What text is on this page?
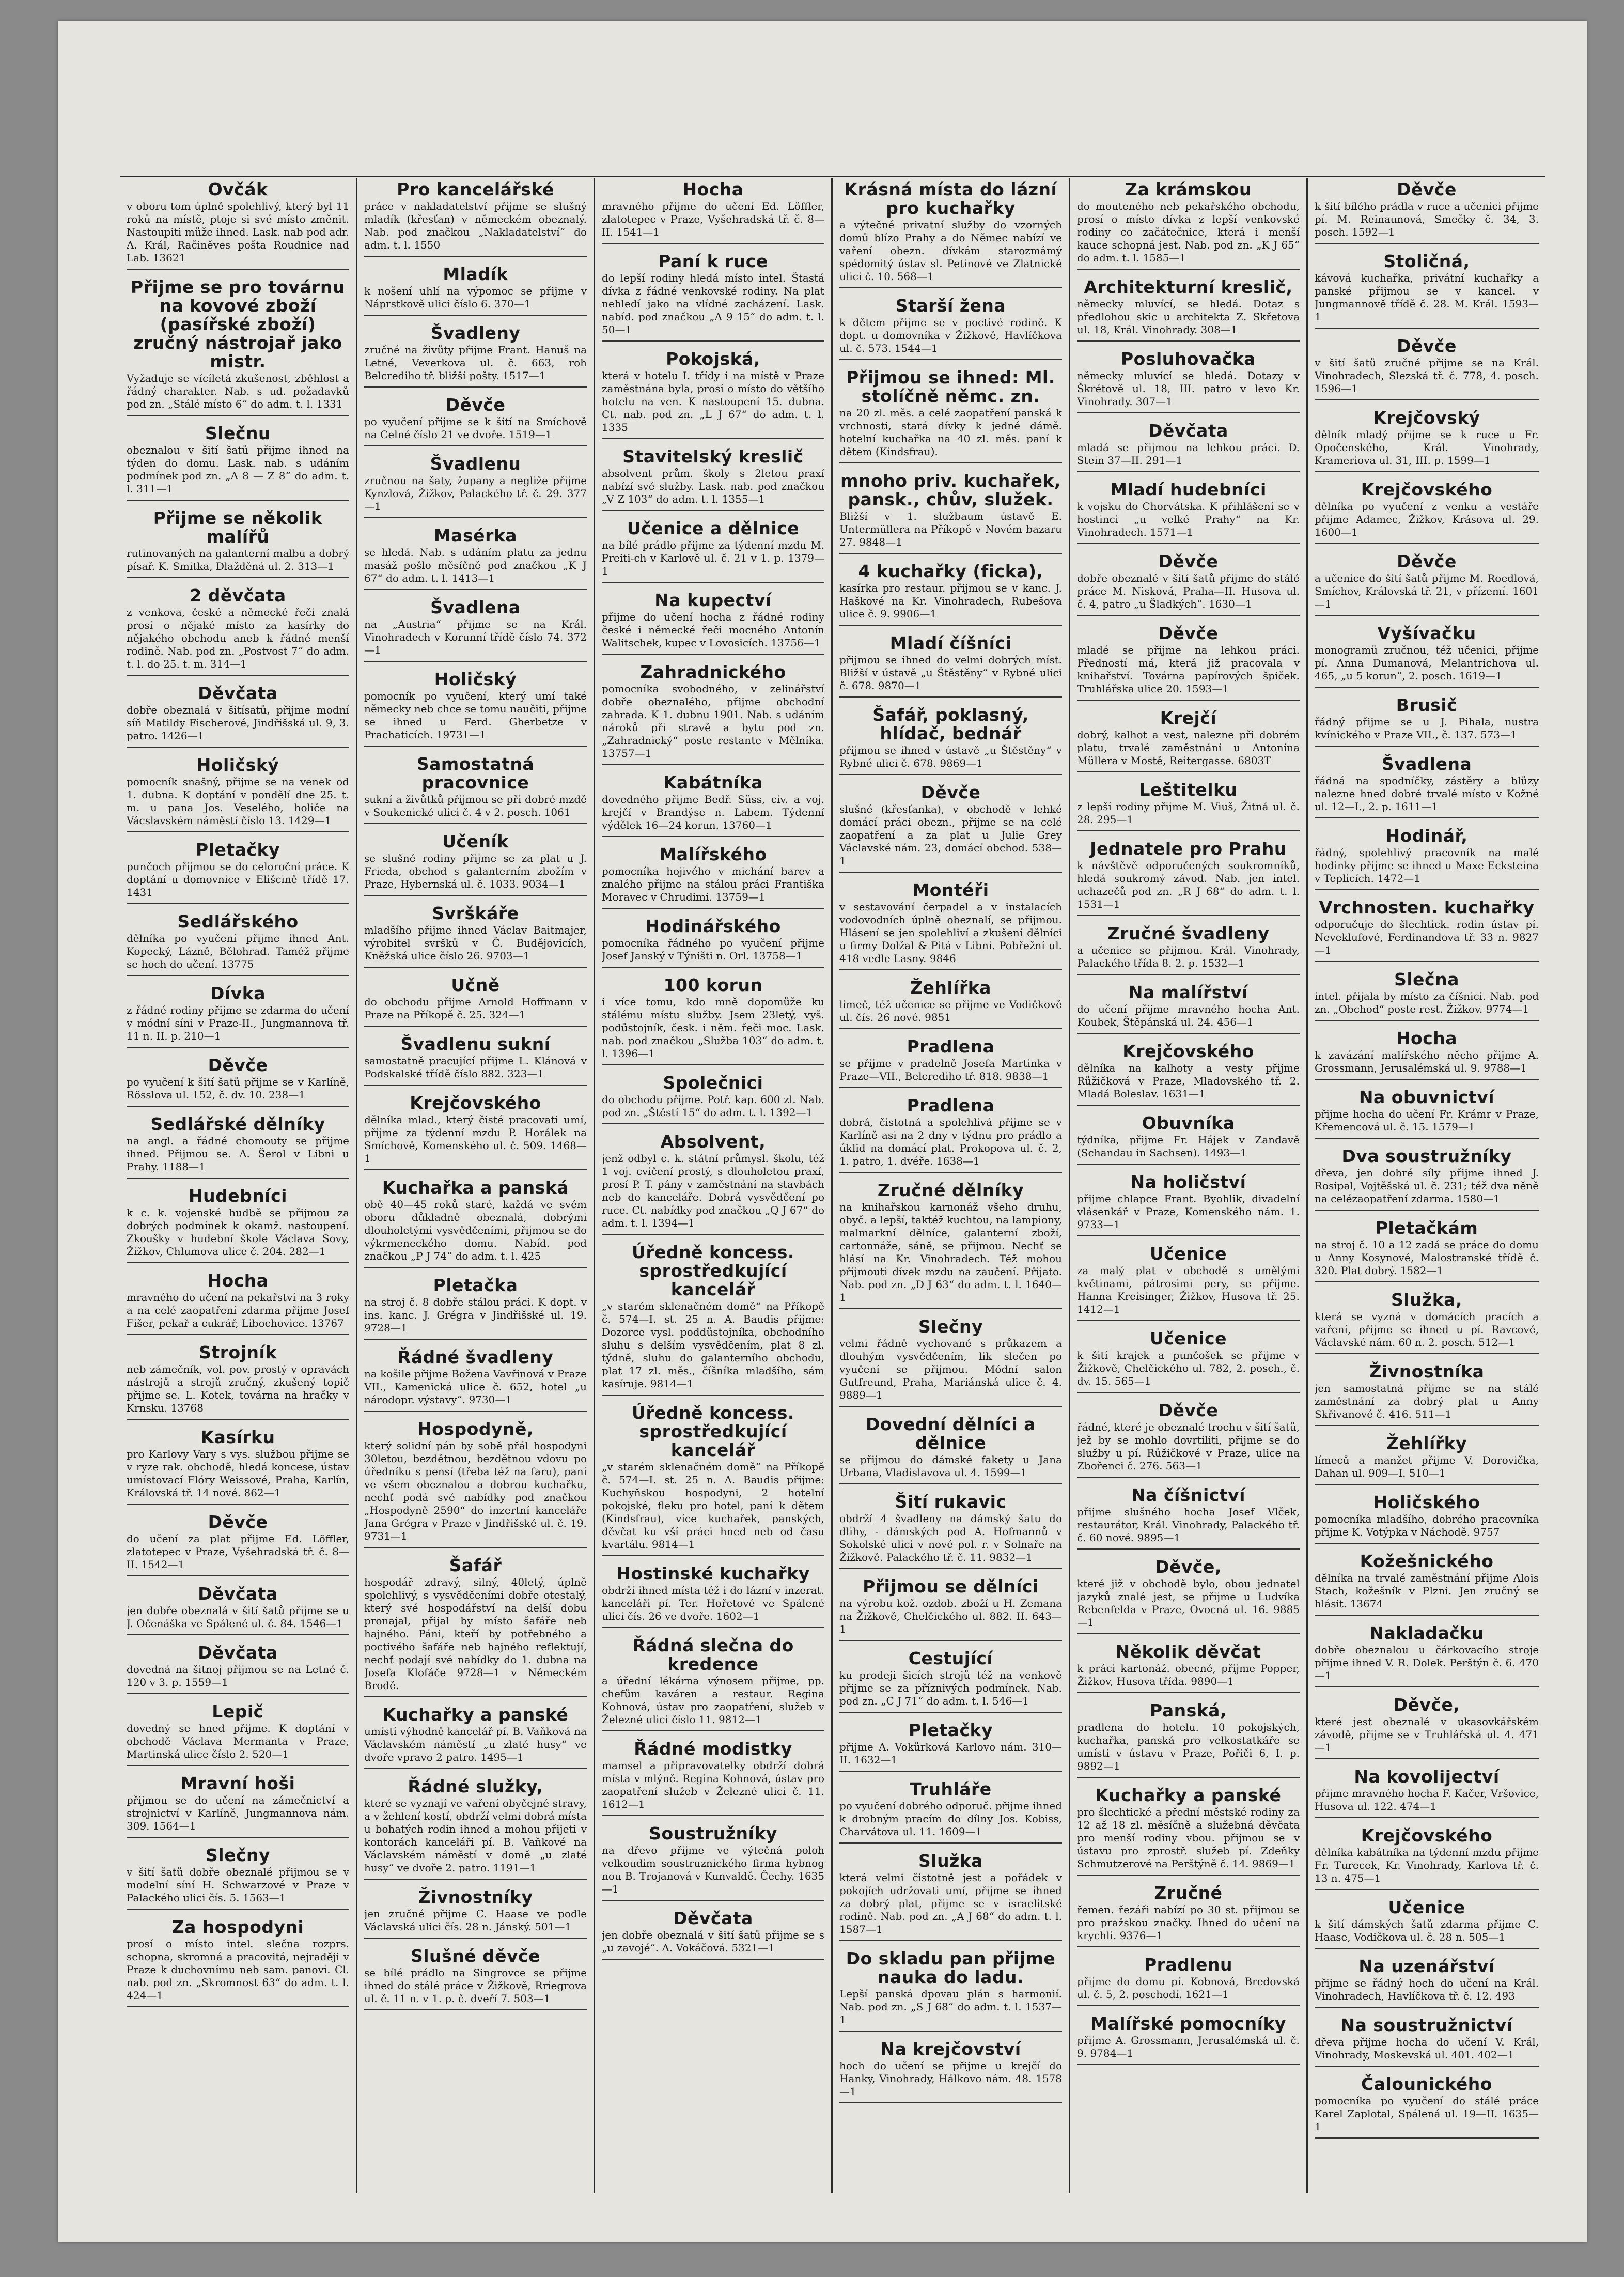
Ovčák
v oboru tom úplně spolehlivý, který byl 11 roků na místě, ptoje si své místo změnit. Nastoupiti může ihned. Lask. nab pod adr. A. Král, Račiněves pošta Roudnice nad Lab. 13621
Přijme se pro továrnu na kovové zboží (pasířské zboží) zručný nástrojař jako mistr.
Vyžaduje se vícíletá zkušenost, zběhlost a řádný charakter. Nab. s ud. požadavků pod zn. „Stálé místo 6“ do adm. t. l. 1331
Slečnu
obeznalou v šití šatů přijme ihned na týden do domu. Lask. nab. s udáním podmínek pod zn. „A 8 — Z 8“ do adm. t. l. 311—1
Přijme se několik malířů
rutinovaných na galanterní malbu a dobrý písař. K. Smitka, Dlažděná ul. 2. 313—1
2 děvčata
z venkova, české a německé řeči znalá prosí o nějaké místo za kasírky do nějakého obchodu aneb k řádné menší rodině. Nab. pod zn. „Postvost 7“ do adm. t. l. do 25. t. m. 314—1
Děvčata
dobře obeznalá v šitísatů, přijme modní síň Matildy Fischerové, Jindřišská ul. 9, 3. patro. 1426—1
Holičský
pomocník snašný, přijme se na venek od 1. dubna. K doptání v pondělí dne 25. t. m. u pana Jos. Veselého, holiče na Vácslavském náměstí číslo 13. 1429—1
Pletačky
punčoch přijmou se do celoroční práce. K doptání u domovnice v Elišcině třídě 17. 1431
Sedlářského
dělníka po vyučení přijme ihned Ant. Kopecký, Lázně, Bělohrad. Taméž přijme se hoch do učení. 13775
Dívka
z řádné rodiny přijme se zdarma do učení v módní síni v Praze-II., Jungmannova tř. 11 n. II. p. 210—1
Děvče
po vyučení k šití šatů přijme se v Karlíně, Rösslova ul. 152, č. dv. 10. 238—1
Sedlářské dělníky
na angl. a řádné chomouty se přijme ihned. Přijmou se. A. Šerol v Libni u Prahy. 1188—1
Hudebníci
k c. k. vojenské hudbě se přijmou za dobrých podmínek k okamž. nastoupení. Zkoušky v hudební škole Václava Sovy, Žižkov, Chlumova ulice č. 204. 282—1
Hocha
mravného do učení na pekařství na 3 roky a na celé zaopatření zdarma přijme Josef Fišer, pekař a cukrář, Libochovice. 13767
Strojník
neb zámečník, vol. pov. prostý v opravách nástrojů a strojů zručný, zkušený topič přijme se. L. Kotek, továrna na hračky v Krnsku. 13768
Kasírku
pro Karlovy Vary s vys. službou přijme se v ryze rak. obchodě, hledá koncese, ústav umístovací Flóry Weissové, Praha, Karlín, Královská tř. 14 nové. 862—1
Děvče
do učení za plat přijme Ed. Löffler, zlatotepec v Praze, Vyšehradská tř. č. 8—II. 1542—1
Děvčata
jen dobře obeznalá v šití šatů přijme se u J. Očenáška ve Spálené ul. č. 84. 1546—1
Děvčata
dovedná na šitnoj přijmou se na Letné č. 120 v 3. p. 1559—1
Lepič
dovedný se hned přijme. K doptání v obchodě Václava Mermanta v Praze, Martinská ulice číslo 2. 520—1
Mravní hoši
přijmou se do učení na zámečnictví a strojnictví v Karlíně, Jungmannova nám. 309. 1564—1
Slečny
v šití šatů dobře obeznalé přijmou se v modelní síní H. Schwarzové v Praze v Palackého ulici čís. 5. 1563—1
Za hospodyni
prosí o místo intel. slečna rozprs. schopna, skromná a pracovitá, nejraději v Praze k duchovnímu neb sam. panovi. Cl. nab. pod zn. „Skromnost 63“ do adm. t. l. 424—1
Pro kancelářské
práce v nakladatelství přijme se slušný mladík (křesťan) v německém obeznalý. Nab. pod značkou „Nakladatelství“ do adm. t. l. 1550
Mladík
k nošení uhlí na výpomoc se přijme v Náprstkově ulici číslo 6. 370—1
Švadleny
zručné na živůty přijme Frant. Hanuš na Letné, Veverkova ul. č. 663, roh Belcrediho tř. bližší pošty. 1517—1
Děvče
po vyučení přijme se k šití na Smíchově na Celné číslo 21 ve dvoře. 1519—1
Švadlenu
zručnou na šaty, župany a negliže přijme Kynzlová, Žižkov, Palackého tř. č. 29. 377—1
Masérka
se hledá. Nab. s udáním platu za jednu masáž pošlo měsíčně pod značkou „K J 67“ do adm. t. l. 1413—1
Švadlena
na „Austria“ přijme se na Král. Vinohradech v Korunní třídě číslo 74. 372—1
Holičský
pomocník po vyučení, který umí také německy neb chce se tomu naučiti, přijme se ihned u Ferd. Gherbetze v Prachaticích. 19731—1
Samostatná pracovnice
sukní a živůtků přijmou se při dobré mzdě v Soukenické ulici č. 4 v 2. posch. 1061
Učeník
se slušné rodiny přijme se za plat u J. Frieda, obchod s galanterním zbožím v Praze, Hybernská ul. č. 1033. 9034—1
Svrškáře
mladšího přijme ihned Václav Baitmajer, výrobitel svršků v Č. Budějovicích, Kněžská ulice číslo 26. 9703—1
Učně
do obchodu přijme Arnold Hoffmann v Praze na Příkopě č. 25. 324—1
Švadlenu sukní
samostatně pracující přijme L. Klánová v Podskalské třídě číslo 882. 323—1
Krejčovského
dělníka mlad., který čisté pracovati umí, přijme za týdenní mzdu P. Horálek na Smíchově, Komenského ul. č. 509. 1468—1
Kuchařka a panská
obě 40—45 roků staré, každá ve svém oboru důkladně obeznalá, dobrými dlouholetými vysvědčeními, přijmou se do výkrmeneckého domu. Nabíd. pod značkou „P J 74“ do adm. t. l. 425
Pletačka
na stroj č. 8 dobře stálou práci. K dopt. v ins. kanc. J. Grégra v Jindřišské ul. 19. 9728—1
Řádné švadleny
na košile přijme Božena Vavřinová v Praze VII., Kamenická ulice č. 652, hotel „u národopr. výstavy“. 9730—1
Hospodyně,
který solidní pán by sobě přál hospodyni 30letou, bezdětnou, bezdětnou vdovu po úředníku s pensí (třeba též na faru), paní ve všem obeznalou a dobrou kuchařku, nechť podá své nabídky pod značkou „Hospodyně 2590“ do inzertní kanceláře Jana Grégra v Praze v Jindřišské ul. č. 19. 9731—1
Šafář
hospodář zdravý, silný, 40letý, úplně spolehlivý, s vysvědčeními dobře otestalý, který své hospodářství na delší dobu pronajal, přijal by místo šafáře neb hajného. Páni, kteří by potřebného a poctivého šafáře neb hajného reflektují, nechť podají své nabídky do 1. dubna na Josefa Klofáče 9728—1 v Německém Brodě.
Kuchařky a panské
umístí výhodně kancelář pí. B. Vaňková na Václavském náměstí „u zlaté husy“ ve dvoře vpravo 2 patro. 1495—1
Řádné služky,
které se vyznají ve vaření obyčejné stravy, a v žehlení kostí, obdrží velmi dobrá místa u bohatých rodin ihned a mohou přijeti v kontorách kanceláři pí. B. Vaňkové na Václavském náměstí v domě „u zlaté husy“ ve dvoře 2. patro. 1191—1
Živnostníky
jen zručné přijme C. Haase ve podle Václavská ulici čís. 28 n. Jánský. 501—1
Slušné děvče
se bílé prádlo na Singrovce se přijme ihned do stálé práce v Žižkově, Rriegrova ul. č. 11 n. v 1. p. č. dveří 7. 503—1
Hocha
mravného přijme do učení Ed. Löffler, zlatotepec v Praze, Vyšehradská tř. č. 8—II. 1541—1
Paní k ruce
do lepší rodiny hledá místo intel. Štastá dívka z řádné venkovské rodiny. Na plat nehledí jako na vlídné zacházení. Lask. nabíd. pod značkou „A 9 15“ do adm. t. l. 50—1
Pokojská,
která v hotelu I. třídy i na místě v Praze zaměstnána byla, prosí o místo do většího hotelu na ven. K nastoupení 15. dubna. Ct. nab. pod zn. „L J 67“ do adm. t. l. 1335
Stavitelský kreslič
absolvent prům. školy s 2letou praxí nabízí své služby. Lask. nab. pod značkou „V Z 103“ do adm. t. l. 1355—1
Učenice a dělnice
na bílé prádlo přijme za týdenní mzdu M. Preiti-ch v Karlově ul. č. 21 v 1. p. 1379—1
Na kupectví
přijme do učení hocha z řádné rodiny české i německé řeči mocného Antonín Walitschek, kupec v Lovosicích. 13756—1
Zahradnického
pomocníka svobodného, v zelinářství dobře obeznalého, přijme obchodní zahrada. K 1. dubnu 1901. Nab. s udáním nároků při stravě a bytu pod zn. „Zahradnický“ poste restante v Mělníka. 13757—1
Kabátníka
dovedného přijme Bedř. Süss, civ. a voj. krejčí v Brandýse n. Labem. Týdenní výdělek 16—24 korun. 13760—1
Malířského
pomocníka hojivého v michání barev a znalého přijme na stálou práci Františka Moravec v Chrudimi. 13759—1
Hodinářského
pomocníka řádného po vyučení přijme Josef Janský v Týništi n. Orl. 13758—1
100 korun
i více tomu, kdo mně dopomůže ku stálému místu služby. Jsem 23letý, vyš. podůstojník, česk. i něm. řeči moc. Lask. nab. pod značkou „Služba 103“ do adm. t. l. 1396—1
Společnici
do obchodu přijme. Potř. kap. 600 zl. Nab. pod zn. „Štěstí 15“ do adm. t. l. 1392—1
Absolvent,
jenž odbyl c. k. státní průmysl. školu, též 1 voj. cvičení prostý, s dlouholetou praxí, prosí P. T. pány v zaměstnání na stavbách neb do kanceláře. Dobrá vysvědčení po ruce. Ct. nabídky pod značkou „Q J 67“ do adm. t. l. 1394—1
Úředně koncess. sprostředkující kancelář
„v starém sklenačném domě“ na Příkopě č. 574—I. st. 25 n. A. Baudis přijme: Dozorce vysl. poddůstojníka, obchodního sluhu s delším vysvědčením, plat 8 zl. týdně, sluhu do galanterního obchodu, plat 17 zl. měs., číšníka mladšího, sám kasíruje. 9814—1
Úředně koncess. sprostředkující kancelář
„v starém sklenačném domě“ na Příkopě č. 574—I. st. 25 n. A. Baudis přijme: Kuchyňskou hospodyni, 2 hotelní pokojské, fleku pro hotel, paní k dětem (Kindsfrau), více kuchařek, panských, děvčat ku vší práci hned neb od času kvartálu. 9814—1
Hostinské kuchařky
obdrží ihned místa též i do lázní v inzerat. kanceláři pí. Ter. Hořetové ve Spálené ulici čís. 26 ve dvoře. 1602—1
Řádná slečna do kredence
a úřední lékárna výnosem přijme, pp. chefům kaváren a restaur. Regina Kohnová, ústav pro zaopatření, služeb v Železné ulici číslo 11. 9812—1
Řádné modistky
mamsel a připravovatelky obdrží dobrá místa v mlýně. Regina Kohnová, ústav pro zaopatření služeb v Železné ulici č. 11. 1612—1
Soustružníky
na dřevo přijme ve výtečná poloh velkoudim soustruznického firma hybnog nou B. Trojanová v Kunvaldě. Čechy. 1635—1
Děvčata
jen dobře obeznalá v šití šatů přijme se s „u zavojé“. A. Vokáčová. 5321—1
Krásná místa do lázní pro kuchařky
a výtečné privatní služby do vzorných domů blízo Prahy a do Němec nabízí ve vaření obezn. dívkám starozmámý spédomitý ústav sl. Petinové ve Zlatnické ulici č. 10. 568—1
Starší žena
k dětem přijme se v poctivé rodině. K dopt. u domovníka v Žižkově, Havlíčkova ul. č. 573. 1544—1
Přijmou se ihned: Ml. stolíčně němc. zn.
na 20 zl. měs. a celé zaopatření panská k vrchnosti, stará dívky k jedné dámě. hotelní kuchařka na 40 zl. měs. paní k dětem (Kindsfrau).
mnoho priv. kuchařek, pansk., chův, služek.
Bližší v 1. službaum ústavě E. Untermüllera na Příkopě v Novém bazaru 27. 9848—1
4 kuchařky (ficka),
kasírka pro restaur. přijmou se v kanc. J. Haškové na Kr. Vinohradech, Rubešova ulice č. 9. 9906—1
Mladí číšníci
přijmou se ihned do velmi dobrých míst. Bližší v ústavě „u Štěstěny“ v Rybné ulici č. 678. 9870—1
Šafář, poklasný, hlídač, bednář
přijmou se ihned v ústavě „u Štěstěny“ v Rybné ulici č. 678. 9869—1
Děvče
slušné (křesťanka), v obchodě v lehké domácí práci obezn., přijme se na celé zaopatření a za plat u Julie Grey Václavské nám. 23, domácí obchod. 538—1
Montéři
v sestavování čerpadel a v instalacích vodovodních úplně obeznalí, se přijmou. Hlásení se jen spolehliví a zkušení dělníci u firmy Dolžal & Pitá v Libni. Pobřežní ul. 418 vedle Lasny. 9846
Žehlířka
limeč, též učenice se přijme ve Vodičkově ul. čís. 26 nové. 9851
Pradlena
se přijme v pradelně Josefa Martinka v Praze—VII., Belcrediho tř. 818. 9838—1
Pradlena
dobrá, čistotná a spolehlivá přijme se v Karlíně asi na 2 dny v týdnu pro prádlo a úklid na domácí plat. Prokopova ul. č. 2, 1. patro, 1. dvéře. 1638—1
Zručné dělníky
na knihařskou karnonáž všeho druhu, obyč. a lepší, taktéž kuchtou, na lampiony, malmarkní dělníce, galanterní zboží, cartonnáže, sáně, se přijmou. Nechť se hlásí na Kr. Vinohradech. Též mohou přijmouti dívek mzdu na zaučení. Přijato. Nab. pod zn. „D J 63“ do adm. t. l. 1640—1
Slečny
velmi řádně vychované s průkazem a dlouhým vysvědčením, lik slečen po vyučení se přijmou. Módní salon Gutfreund, Praha, Mariánská ulice č. 4. 9889—1
Dovední dělníci a dělnice
se přijmou do dámské fakety u Jana Urbana, Vladislavova ul. 4. 1599—1
Šití rukavic
obdrží 4 švadleny na dámský šatu do dlihy, - dámských pod A. Hofmannů v Sokolské ulici v nové pol. r. v Solnaře na Žižkově. Palackého tř. č. 11. 9832—1
Přijmou se dělníci
na výrobu kož. ozdob. zboží u H. Zemana na Žižkově, Chelčického ul. 882. II. 643—1
Cestující
ku prodeji šicích strojů též na venkově přijme se za příznivých podmínek. Nab. pod zn. „C J 71“ do adm. t. l. 546—1
Pletačky
přijme A. Vokůrková Karlovo nám. 310—II. 1632—1
Truhláře
po vyučení dobrého odporuč. přijme ihned k drobným pracím do dílny Jos. Kobiss, Charvátova ul. 11. 1609—1
Služka
která velmi čistotně jest a pořádek v pokojích udržovati umí, přijme se ihned za dobrý plat, přijme se v israelitské rodině. Nab. pod zn. „A J 68“ do adm. t. l. 1587—1
Do skladu pan přijme nauka do ladu.
Lepší panská dpovau plán s harmonií. Nab. pod zn. „S J 68“ do adm. t. l. 1537—1
Na krejčovství
hoch do učení se přijme u krejčí do Hanky, Vinohrady, Hálkovo nám. 48. 1578—1
Za krámskou
do mouteného neb pekařského obchodu, prosí o místo dívka z lepší venkovské rodiny co začátečnice, která i menší kauce schopná jest. Nab. pod zn. „K J 65“ do adm. t. l. 1585—1
Architekturní kreslič,
německy mluvící, se hledá. Dotaz s předlohou skic u architekta Z. Skřetova ul. 18, Král. Vinohrady. 308—1
Posluhovačka
německy mluvící se hledá. Dotazy v Škrétově ul. 18, III. patro v levo Kr. Vinohrady. 307—1
Děvčata
mladá se přijmou na lehkou práci. D. Stein 37—II. 291—1
Mladí hudebníci
k vojsku do Chorvátska. K přihlášení se v hostinci „u velké Prahy“ na Kr. Vinohradech. 1571—1
Děvče
dobře obeznalé v šití šatů přijme do stálé práce M. Nisková, Praha—II. Husova ul. č. 4, patro „u Šladkých“. 1630—1
Děvče
mladé se přijme na lehkou práci. Předností má, která již pracovala v knihařství. Továrna papírových špiček. Truhlářska ulice 20. 1593—1
Krejčí
dobrý, kalhot a vest, nalezne při dobrém platu, trvalé zaměstnání u Antonína Müllera v Mostě, Reitergasse. 6803T
Leštitelku
z lepší rodiny přijme M. Viuš, Žitná ul. č. 28. 295—1
Jednatele pro Prahu
k návštěvě odporučených soukromníků, hledá soukromý závod. Nab. jen intel. uchazečů pod zn. „R J 68“ do adm. t. l. 1531—1
Zručné švadleny
a učenice se přijmou. Král. Vinohrady, Palackého třída 8. 2. p. 1532—1
Na malířství
do učení přijme mravného hocha Ant. Koubek, Štěpánská ul. 24. 456—1
Krejčovského
dělníka na kalhoty a vesty přijme Růžičková v Praze, Mladovského tř. 2. Mladá Boleslav. 1631—1
Obuvníka
týdníka, přijme Fr. Hájek v Zandavě (Schandau in Sachsen). 1493—1
Na holičství
přijme chlapce Frant. Byohlik, divadelní vlásenkář v Praze, Komenského nám. 1. 9733—1
Učenice
za malý plat v obchodě s umělými květinami, pátrosimi pery, se přijme. Hanna Kreisinger, Žižkov, Husova tř. 25. 1412—1
Učenice
k šití krajek a punčošek se přijme v Žižkově, Chelčického ul. 782, 2. posch., č. dv. 15. 565—1
Děvče
řádné, které je obeznalé trochu v šití šatů, jež by se mohlo dovrtiliti, přijme se do služby u pí. Růžičkové v Praze, ulice na Zbořenci č. 276. 563—1
Na číšnictví
přijme slušného hocha Josef Vlček, restaurátor, Král. Vinohrady, Palackého tř. č. 60 nové. 9895—1
Děvče,
které již v obchodě bylo, obou jednatel jazyků znalé jest, se přijme u Ludvíka Rebenfelda v Praze, Ovocná ul. 16. 9885—1
Několik děvčat
k práci kartonáž. obecné, přijme Popper, Žižkov, Husova třída. 9890—1
Panská,
pradlena do hotelu. 10 pokojských, kuchařka, panská pro velkostatkáře se umísti v ústavu v Praze, Pořiči 6, I. p. 9892—1
Kuchařky a panské
pro šlechtické a přední městské rodiny za 12 až 18 zl. měsíčně a služebná děvčata pro menší rodiny vbou. přijmou se v ústavu pro zprostř. služeb pí. Zdeňky Schmutzerové na Perštýně č. 14. 9869—1
Zručné
řemen. řezáři nabízí po 30 st. přijmou se pro pražskou značky. Ihned do učení na krychli. 9376—1
Pradlenu
přijme do domu pí. Kobnová, Bredovská ul. č. 5, 2. poschodí. 1621—1
Malířské pomocníky
přijme A. Grossmann, Jerusalémská ul. č. 9. 9784—1
Děvče
k šití bílého prádla v ruce a učenici přijme pí. M. Reinaunová, Smečky č. 34, 3. posch. 1592—1
Stoličná,
kávová kuchařka, privátní kuchařky a panské přijmou se v kancel. v Jungmannově třídě č. 28. M. Král. 1593—1
Děvče
v šití šatů zručné přijme se na Král. Vinohradech, Slezská tř. č. 778, 4. posch. 1596—1
Krejčovský
dělník mladý přijme se k ruce u Fr. Opočenského, Král. Vinohrady, Krameriova ul. 31, III. p. 1599—1
Krejčovského
dělníka po vyučení z venku a vestáře přijme Adamec, Žižkov, Krásova ul. 29. 1600—1
Děvče
a učenice do šití šatů přijme M. Roedlová, Smíchov, Královská tř. 21, v přízemí. 1601—1
Vyšívačku
monogramů zručnou, též učenici, přijme pí. Anna Dumanová, Melantrichova ul. 465, „u 5 korun“, 2. posch. 1619—1
Brusič
řádný přijme se u J. Pihala, nustra kvínického v Praze VII., č. 137. 573—1
Švadlena
řádná na spodníčky, zástěry a blůzy nalezne hned dobré trvalé místo v Kožné ul. 12—I., 2. p. 1611—1
Hodinář,
řádný, spolehlivý pracovník na malé hodinky přijme se ihned u Maxe Ecksteina v Teplicích. 1472—1
Vrchnosten. kuchařky
odporučuje do šlechtick. rodin ústav pí. Neveklufové, Ferdinandova tř. 33 n. 9827—1
Slečna
intel. přijala by místo za číšnici. Nab. pod zn. „Obchod“ poste rest. Žižkov. 9774—1
Hocha
k zavázání malířského něcho přijme A. Grossmann, Jerusalémská ul. 9. 9788—1
Na obuvnictví
přijme hocha do učení Fr. Krámr v Praze, Křemencová ul. č. 15. 1579—1
Dva soustružníky
dřeva, jen dobré síly přijme ihned J. Rosipal, Vojtěšská ul. č. 231; též dva něně na celézaopatření zdarma. 1580—1
Pletačkám
na stroj č. 10 a 12 zadá se práce do domu u Anny Kosynové, Malostranské třídě č. 320. Plat dobrý. 1582—1
Služka,
která se vyzná v domácích pracích a vaření, přijme se ihned u pí. Ravcové, Václavské nám. 60 n. 2. posch. 512—1
Živnostníka
jen samostatná přijme se na stálé zaměstnání za dobrý plat u Anny Skřivanové č. 416. 511—1
Žehlířky
límeců a manžet přijme V. Dorovička, Dahan ul. 909—I. 510—1
Holičského
pomocníka mladšího, dobrého pracovníka přijme K. Votýpka v Náchodě. 9757
Kožešnického
dělníka na trvalé zaměstnání přijme Alois Stach, kožešník v Plzni. Jen zručný se hlásit. 13674
Nakladačku
dobře obeznalou u čárkovacího stroje přijme ihned V. R. Dolek. Perštýn č. 6. 470—1
Děvče,
které jest obeznalé v ukasovkářském závodě, přijme se v Truhlářská ul. 4. 471—1
Na kovolijectví
přijme mravného hocha F. Kačer, Vršovice, Husova ul. 122. 474—1
Krejčovského
dělníka kabátníka na týdenní mzdu přijme Fr. Turecek, Kr. Vinohrady, Karlova tř. č. 13 n. 475—1
Učenice
k šití dámských šatů zdarma přijme C. Haase, Vodičkova ul. č. 28 n. 505—1
Na uzenářství
přijme se řádný hoch do učení na Král. Vinohradech, Havlíčkova tř. č. 12. 493
Na soustružnictví
dřeva přijme hocha do učení V. Král, Vinohrady, Moskevská ul. 401. 402—1
Čalounického
pomocníka po vyučení do stálé práce Karel Zaplotal, Spálená ul. 19—II. 1635—1
